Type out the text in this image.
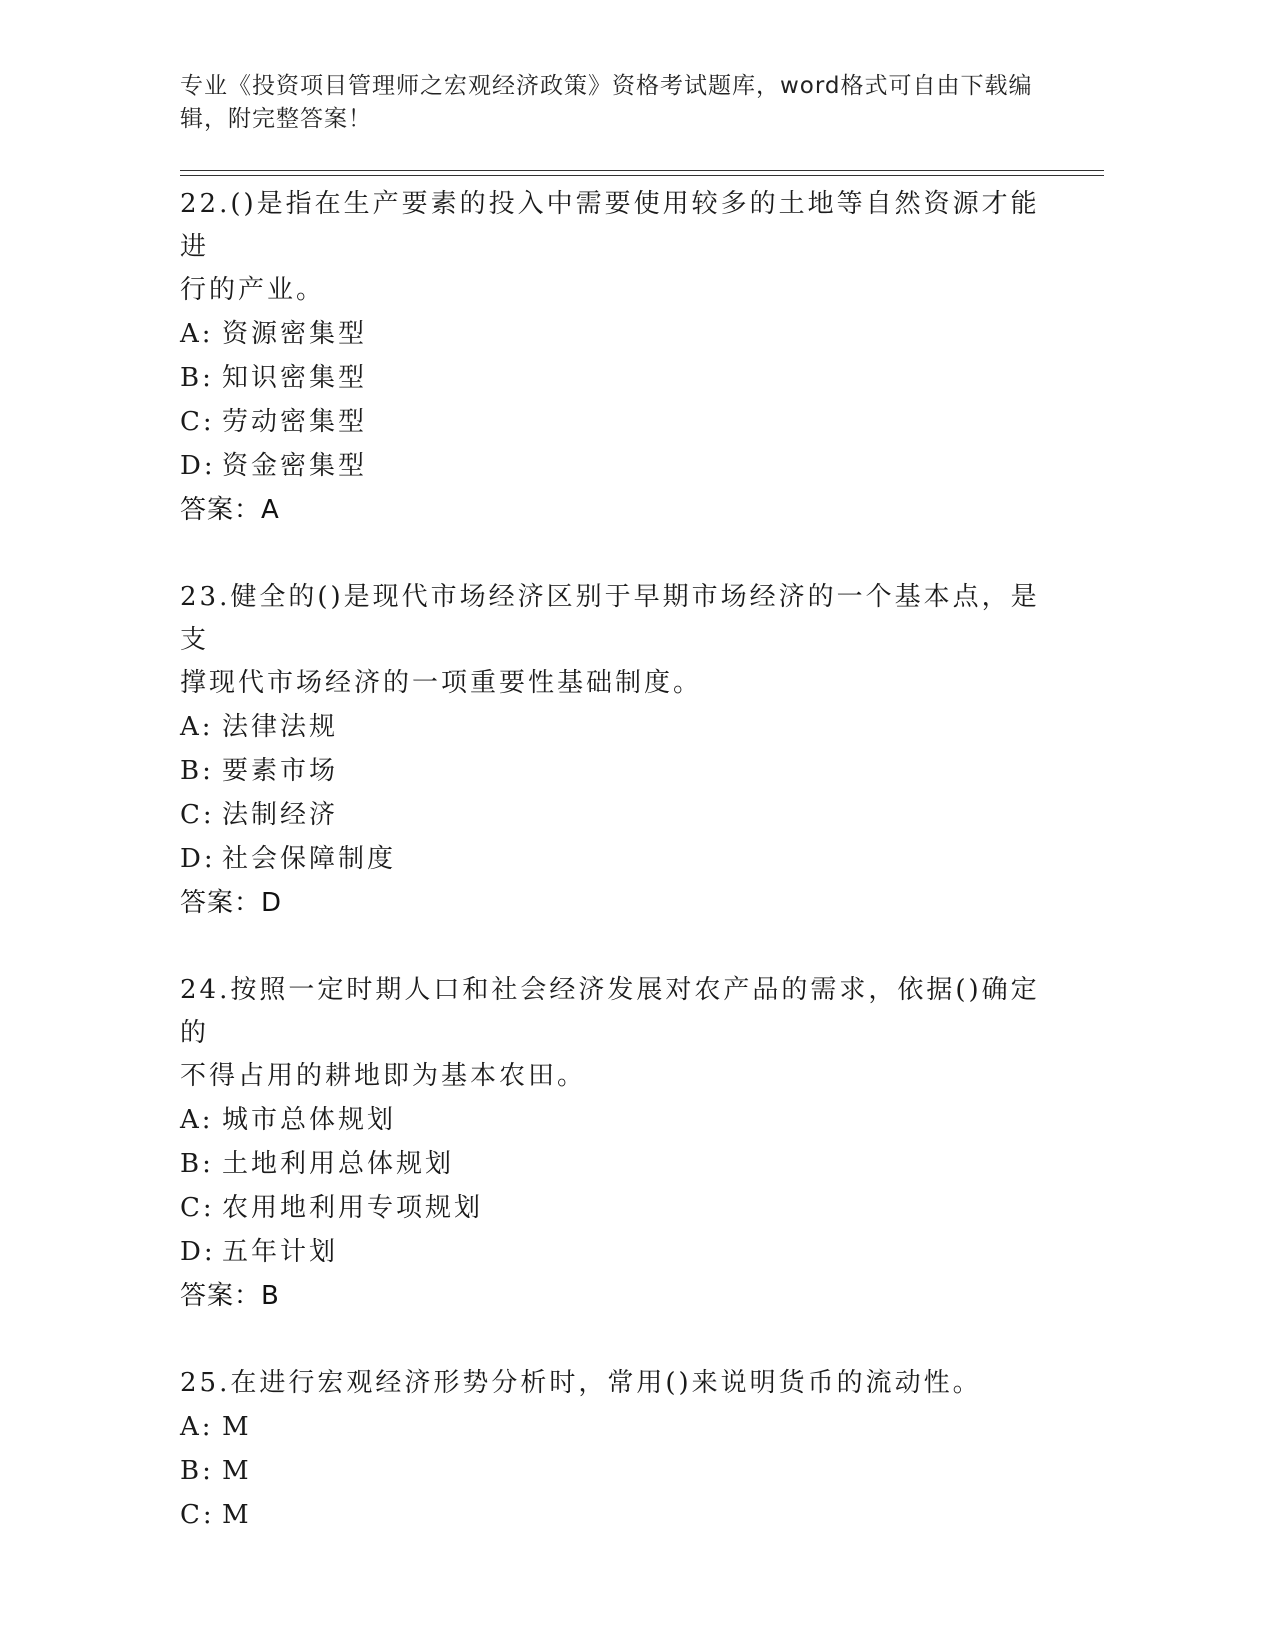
专业《投资项目管理师之宏观经济政策》资格考试题库，word格式可自由下载编
辑，附完整答案！
22.()是指在生产要素的投入中需要使用较多的土地等自然资源才能进
行的产业。
A: 资源密集型
B: 知识密集型
C: 劳动密集型
D: 资金密集型
答案：A
23.健全的()是现代市场经济区别于早期市场经济的一个基本点，是支
撑现代市场经济的一项重要性基础制度。
A: 法律法规
B: 要素市场
C: 法制经济
D: 社会保障制度
答案：D
24.按照一定时期人口和社会经济发展对农产品的需求，依据()确定的
不得占用的耕地即为基本农田。
A: 城市总体规划
B: 土地利用总体规划
C: 农用地利用专项规划
D: 五年计划
答案：B
25.在进行宏观经济形势分析时，常用()来说明货币的流动性。
A: M
B: M
C: M
